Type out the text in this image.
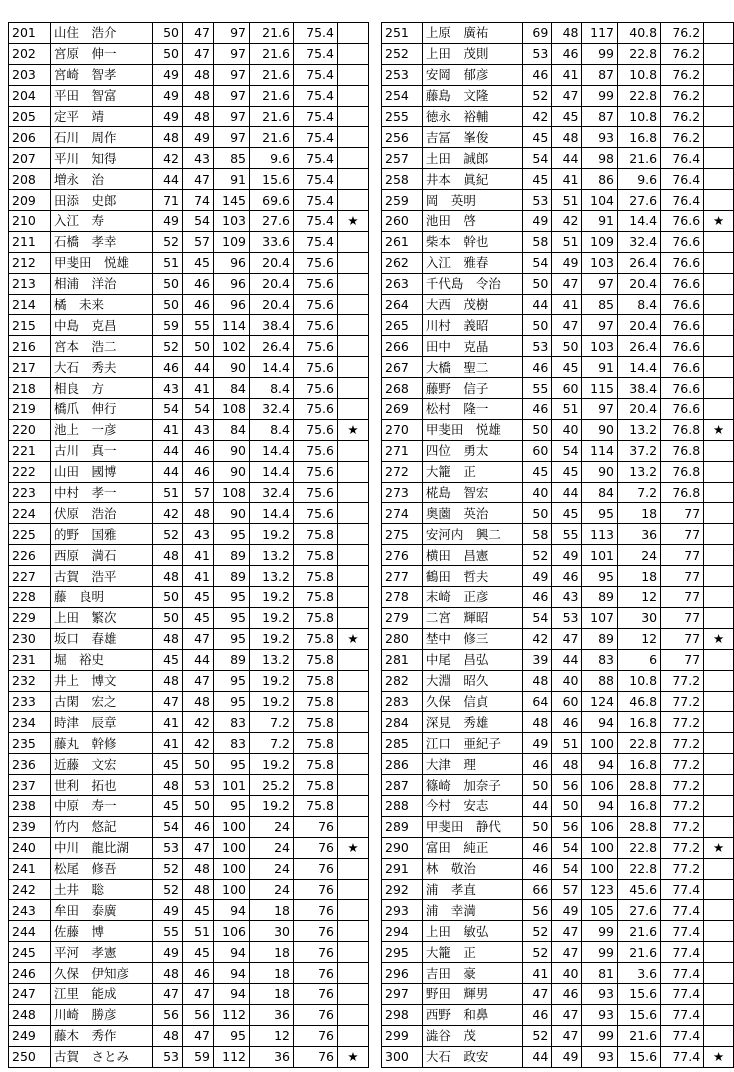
201	山住　浩介	50	47	97	21.6	75.4	
202	宮原　伸一	50	47	97	21.6	75.4	
203	宮崎　智孝	49	48	97	21.6	75.4	
204	平田　智富	49	48	97	21.6	75.4	
205	定平　靖	49	48	97	21.6	75.4	
206	石川　周作	48	49	97	21.6	75.4	
207	平川　知得	42	43	85	9.6	75.4	
208	増永　治	44	47	91	15.6	75.4	
209	田添　史郎	71	74	145	69.6	75.4	
210	入江　寿	49	54	103	27.6	75.4	★
211	石橋　孝幸	52	57	109	33.6	75.4	
212	甲斐田　悦雄	51	45	96	20.4	75.6	
213	相浦　洋治	50	46	96	20.4	75.6	
214	橘　未来	50	46	96	20.4	75.6	
215	中島　克昌	59	55	114	38.4	75.6	
216	宮本　浩二	52	50	102	26.4	75.6	
217	大石　秀夫	46	44	90	14.4	75.6	
218	相良　方	43	41	84	8.4	75.6	
219	橋爪　伸行	54	54	108	32.4	75.6	
220	池上　一彦	41	43	84	8.4	75.6	★
221	古川　真一	44	46	90	14.4	75.6	
222	山田　國博	44	46	90	14.4	75.6	
223	中村　孝一	51	57	108	32.4	75.6	
224	伏原　浩治	42	48	90	14.4	75.6	
225	的野　国雅	52	43	95	19.2	75.8	
226	西原　満石	48	41	89	13.2	75.8	
227	古賀　浩平	48	41	89	13.2	75.8	
228	藤　良明	50	45	95	19.2	75.8	
229	上田　繁次	50	45	95	19.2	75.8	
230	坂口　春雄	48	47	95	19.2	75.8	★
231	堀　裕史	45	44	89	13.2	75.8	
232	井上　博文	48	47	95	19.2	75.8	
233	古閑　宏之	47	48	95	19.2	75.8	
234	時津　辰章	41	42	83	7.2	75.8	
235	藤丸　幹修	41	42	83	7.2	75.8	
236	近藤　文宏	45	50	95	19.2	75.8	
237	世利　拓也	48	53	101	25.2	75.8	
238	中原　寿一	45	50	95	19.2	75.8	
239	竹内　悠記	54	46	100	24	76	
240	中川　龍比湖	53	47	100	24	76	★
241	松尾　修吾	52	48	100	24	76	
242	土井　聡	52	48	100	24	76	
243	牟田　泰廣	49	45	94	18	76	
244	佐藤　博	55	51	106	30	76	
245	平河　孝憲	49	45	94	18	76	
246	久保　伊知彦	48	46	94	18	76	
247	江里　能成	47	47	94	18	76	
248	川崎　勝彦	56	56	112	36	76	
249	藤木　秀作	48	47	95	12	76	
250	古賀　さとみ	53	59	112	36	76	★
251	上原　廣祐	69	48	117	40.8	76.2	
252	上田　茂則	53	46	99	22.8	76.2	
253	安岡　郁彦	46	41	87	10.8	76.2	
254	藤島　文隆	52	47	99	22.8	76.2	
255	徳永　裕輔	42	45	87	10.8	76.2	
256	吉冨　峯俊	45	48	93	16.8	76.2	
257	土田　誠郎	54	44	98	21.6	76.4	
258	井本　眞紀	45	41	86	9.6	76.4	
259	岡　英明	53	51	104	27.6	76.4	
260	池田　啓	49	42	91	14.4	76.6	★
261	柴本　幹也	58	51	109	32.4	76.6	
262	入江　雅春	54	49	103	26.4	76.6	
263	千代島　令治	50	47	97	20.4	76.6	
264	大西　茂樹	44	41	85	8.4	76.6	
265	川村　義昭	50	47	97	20.4	76.6	
266	田中　克晶	53	50	103	26.4	76.6	
267	大橋　聖二	46	45	91	14.4	76.6	
268	藤野　信子	55	60	115	38.4	76.6	
269	松村　隆一	46	51	97	20.4	76.6	
270	甲斐田　悦雄	50	40	90	13.2	76.8	★
271	四位　勇太	60	54	114	37.2	76.8	
272	大籠　正	45	45	90	13.2	76.8	
273	椛島　智宏	40	44	84	7.2	76.8	
274	奥薗　英治	50	45	95	18	77	
275	安河内　興二	58	55	113	36	77	
276	横田　昌憲	52	49	101	24	77	
277	鶴田　哲夫	49	46	95	18	77	
278	末崎　正彦	46	43	89	12	77	
279	二宮　輝昭	54	53	107	30	77	
280	埜中　修三	42	47	89	12	77	★
281	中尾　昌弘	39	44	83	6	77	
282	大淵　昭久	48	40	88	10.8	77.2	
283	久保　信貞	64	60	124	46.8	77.2	
284	深見　秀雄	48	46	94	16.8	77.2	
285	江口　亜紀子	49	51	100	22.8	77.2	
286	大津　理	46	48	94	16.8	77.2	
287	篠崎　加奈子	50	56	106	28.8	77.2	
288	今村　安志	44	50	94	16.8	77.2	
289	甲斐田　静代	50	56	106	28.8	77.2	
290	富田　純正	46	54	100	22.8	77.2	★
291	林　敬治	46	54	100	22.8	77.2	
292	浦　孝直	66	57	123	45.6	77.4	
293	浦　幸満	56	49	105	27.6	77.4	
294	上田　敏弘	52	47	99	21.6	77.4	
295	大籠　正	52	47	99	21.6	77.4	
296	吉田　豪	41	40	81	3.6	77.4	
297	野田　輝男	47	46	93	15.6	77.4	
298	西野　和鼻	46	47	93	15.6	77.4	
299	澁谷　茂	52	47	99	21.6	77.4	
300	大石　政安	44	49	93	15.6	77.4	★
